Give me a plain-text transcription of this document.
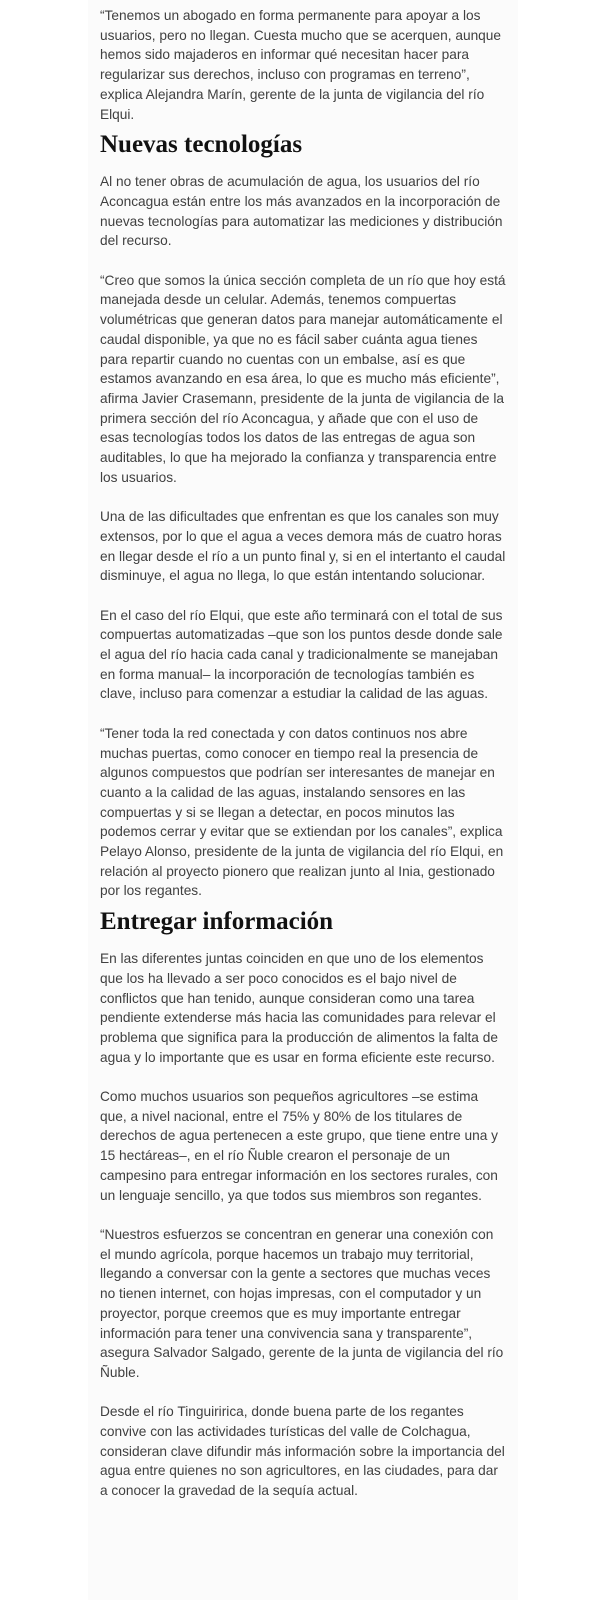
“Tenemos un abogado en forma permanente para apoyar a los usuarios, pero no llegan. Cuesta mucho que se acerquen, aunque hemos sido majaderos en informar qué necesitan hacer para regularizar sus derechos, incluso con programas en terreno”, explica Alejandra Marín, gerente de la junta de vigilancia del río Elqui.

Nuevas tecnologías

Al no tener obras de acumulación de agua, los usuarios del río Aconcagua están entre los más avanzados en la incorporación de nuevas tecnologías para automatizar las mediciones y distribución del recurso.

“Creo que somos la única sección completa de un río que hoy está manejada desde un celular. Además, tenemos compuertas volumétricas que generan datos para manejar automáticamente el caudal disponible, ya que no es fácil saber cuánta agua tienes para repartir cuando no cuentas con un embalse, así es que estamos avanzando en esa área, lo que es mucho más eficiente”, afirma Javier Crasemann, presidente de la junta de vigilancia de la primera sección del río Aconcagua, y añade que con el uso de esas tecnologías todos los datos de las entregas de agua son auditables, lo que ha mejorado la confianza y transparencia entre los usuarios.

Una de las dificultades que enfrentan es que los canales son muy extensos, por lo que el agua a veces demora más de cuatro horas en llegar desde el río a un punto final y, si en el intertanto el caudal disminuye, el agua no llega, lo que están intentando solucionar.

En el caso del río Elqui, que este año terminará con el total de sus compuertas automatizadas –que son los puntos desde donde sale el agua del río hacia cada canal y tradicionalmente se manejaban en forma manual– la incorporación de tecnologías también es clave, incluso para comenzar a estudiar la calidad de las aguas.

“Tener toda la red conectada y con datos continuos nos abre muchas puertas, como conocer en tiempo real la presencia de algunos compuestos que podrían ser interesantes de manejar en cuanto a la calidad de las aguas, instalando sensores en las compuertas y si se llegan a detectar, en pocos minutos las podemos cerrar y evitar que se extiendan por los canales”, explica Pelayo Alonso, presidente de la junta de vigilancia del río Elqui, en relación al proyecto pionero que realizan junto al Inia, gestionado por los regantes.

Entregar información

En las diferentes juntas coinciden en que uno de los elementos que los ha llevado a ser poco conocidos es el bajo nivel de conflictos que han tenido, aunque consideran como una tarea pendiente extenderse más hacia las comunidades para relevar el problema que significa para la producción de alimentos la falta de agua y lo importante que es usar en forma eficiente este recurso.

Como muchos usuarios son pequeños agricultores –se estima que, a nivel nacional, entre el 75% y 80% de los titulares de derechos de agua pertenecen a este grupo, que tiene entre una y 15 hectáreas–, en el río Ñuble crearon el personaje de un campesino para entregar información en los sectores rurales, con un lenguaje sencillo, ya que todos sus miembros son regantes.

“Nuestros esfuerzos se concentran en generar una conexión con el mundo agrícola, porque hacemos un trabajo muy territorial, llegando a conversar con la gente a sectores que muchas veces no tienen internet, con hojas impresas, con el computador y un proyector, porque creemos que es muy importante entregar información para tener una convivencia sana y transparente”, asegura Salvador Salgado, gerente de la junta de vigilancia del río Ñuble.

Desde el río Tinguiririca, donde buena parte de los regantes convive con las actividades turísticas del valle de Colchagua, consideran clave difundir más información sobre la importancia del agua entre quienes no son agricultores, en las ciudades, para dar a conocer la gravedad de la sequía actual.
